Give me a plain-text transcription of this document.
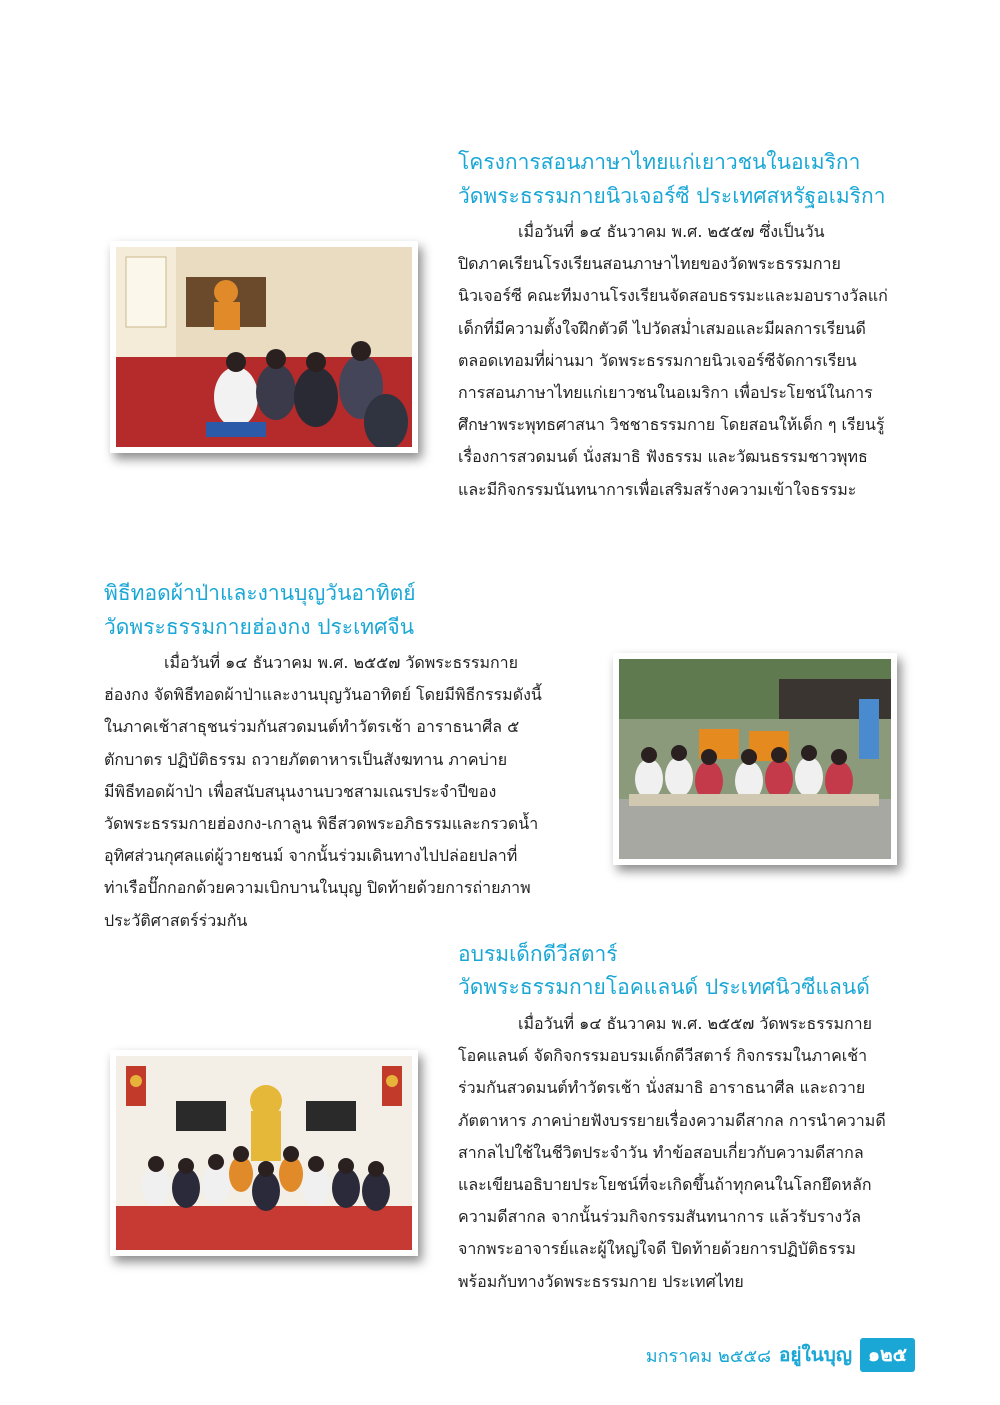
โครงการสอนภาษาไทยแก่เยาวชนในอเมริกา
วัดพระธรรมกายนิวเจอร์ซี ประเทศสหรัฐอเมริกา

เมื่อวันที่ ๑๔ ธันวาคม พ.ศ. ๒๕๕๗ ซึ่งเป็นวัน

ปิดภาคเรียนโรงเรียนสอนภาษาไทยของวัดพระธรรมกาย

นิวเจอร์ซี คณะทีมงานโรงเรียนจัดสอบธรรมะและมอบรางวัลแก่

เด็กที่มีความตั้งใจฝึกตัวดี ไปวัดสม่ำเสมอและมีผลการเรียนดี

ตลอดเทอมที่ผ่านมา วัดพระธรรมกายนิวเจอร์ซีจัดการเรียน

การสอนภาษาไทยแก่เยาวชนในอเมริกา เพื่อประโยชน์ในการ

ศึกษาพระพุทธศาสนา วิชชาธรรมกาย โดยสอนให้เด็ก ๆ เรียนรู้

เรื่องการสวดมนต์ นั่งสมาธิ ฟังธรรม และวัฒนธรรมชาวพุทธ

และมีกิจกรรมนันทนาการเพื่อเสริมสร้างความเข้าใจธรรมะ

พิธีทอดผ้าป่าและงานบุญวันอาทิตย์
วัดพระธรรมกายฮ่องกง ประเทศจีน

เมื่อวันที่ ๑๔ ธันวาคม พ.ศ. ๒๕๕๗ วัดพระธรรมกาย

ฮ่องกง จัดพิธีทอดผ้าป่าและงานบุญวันอาทิตย์ โดยมีพิธีกรรมดังนี้

ในภาคเช้าสาธุชนร่วมกันสวดมนต์ทำวัตรเช้า อาราธนาศีล ๕

ตักบาตร ปฏิบัติธรรม ถวายภัตตาหารเป็นสังฆทาน ภาคบ่าย

มีพิธีทอดผ้าป่า เพื่อสนับสนุนงานบวชสามเณรประจำปีของ

วัดพระธรรมกายฮ่องกง-เกาลูน พิธีสวดพระอภิธรรมและกรวดน้ำ

อุทิศส่วนกุศลแด่ผู้วายชนม์ จากนั้นร่วมเดินทางไปปล่อยปลาที่

ท่าเรือปั๊กกอกด้วยความเบิกบานในบุญ ปิดท้ายด้วยการถ่ายภาพ

ประวัติศาสตร์ร่วมกัน

อบรมเด็กดีวีสตาร์
วัดพระธรรมกายโอคแลนด์ ประเทศนิวซีแลนด์

เมื่อวันที่ ๑๔ ธันวาคม พ.ศ. ๒๕๕๗ วัดพระธรรมกาย

โอคแลนด์ จัดกิจกรรมอบรมเด็กดีวีสตาร์ กิจกรรมในภาคเช้า

ร่วมกันสวดมนต์ทำวัตรเช้า นั่งสมาธิ อาราธนาศีล และถวาย

ภัตตาหาร ภาคบ่ายฟังบรรยายเรื่องความดีสากล การนำความดี

สากลไปใช้ในชีวิตประจำวัน ทำข้อสอบเกี่ยวกับความดีสากล

และเขียนอธิบายประโยชน์ที่จะเกิดขึ้นถ้าทุกคนในโลกยึดหลัก

ความดีสากล จากนั้นร่วมกิจกรรมสันทนาการ แล้วรับรางวัล

จากพระอาจารย์และผู้ใหญ่ใจดี ปิดท้ายด้วยการปฏิบัติธรรม

พร้อมกับทางวัดพระธรรมกาย ประเทศไทย

มกราคม ๒๕๕๘ อยู่ในบุญ ๑๒๕
